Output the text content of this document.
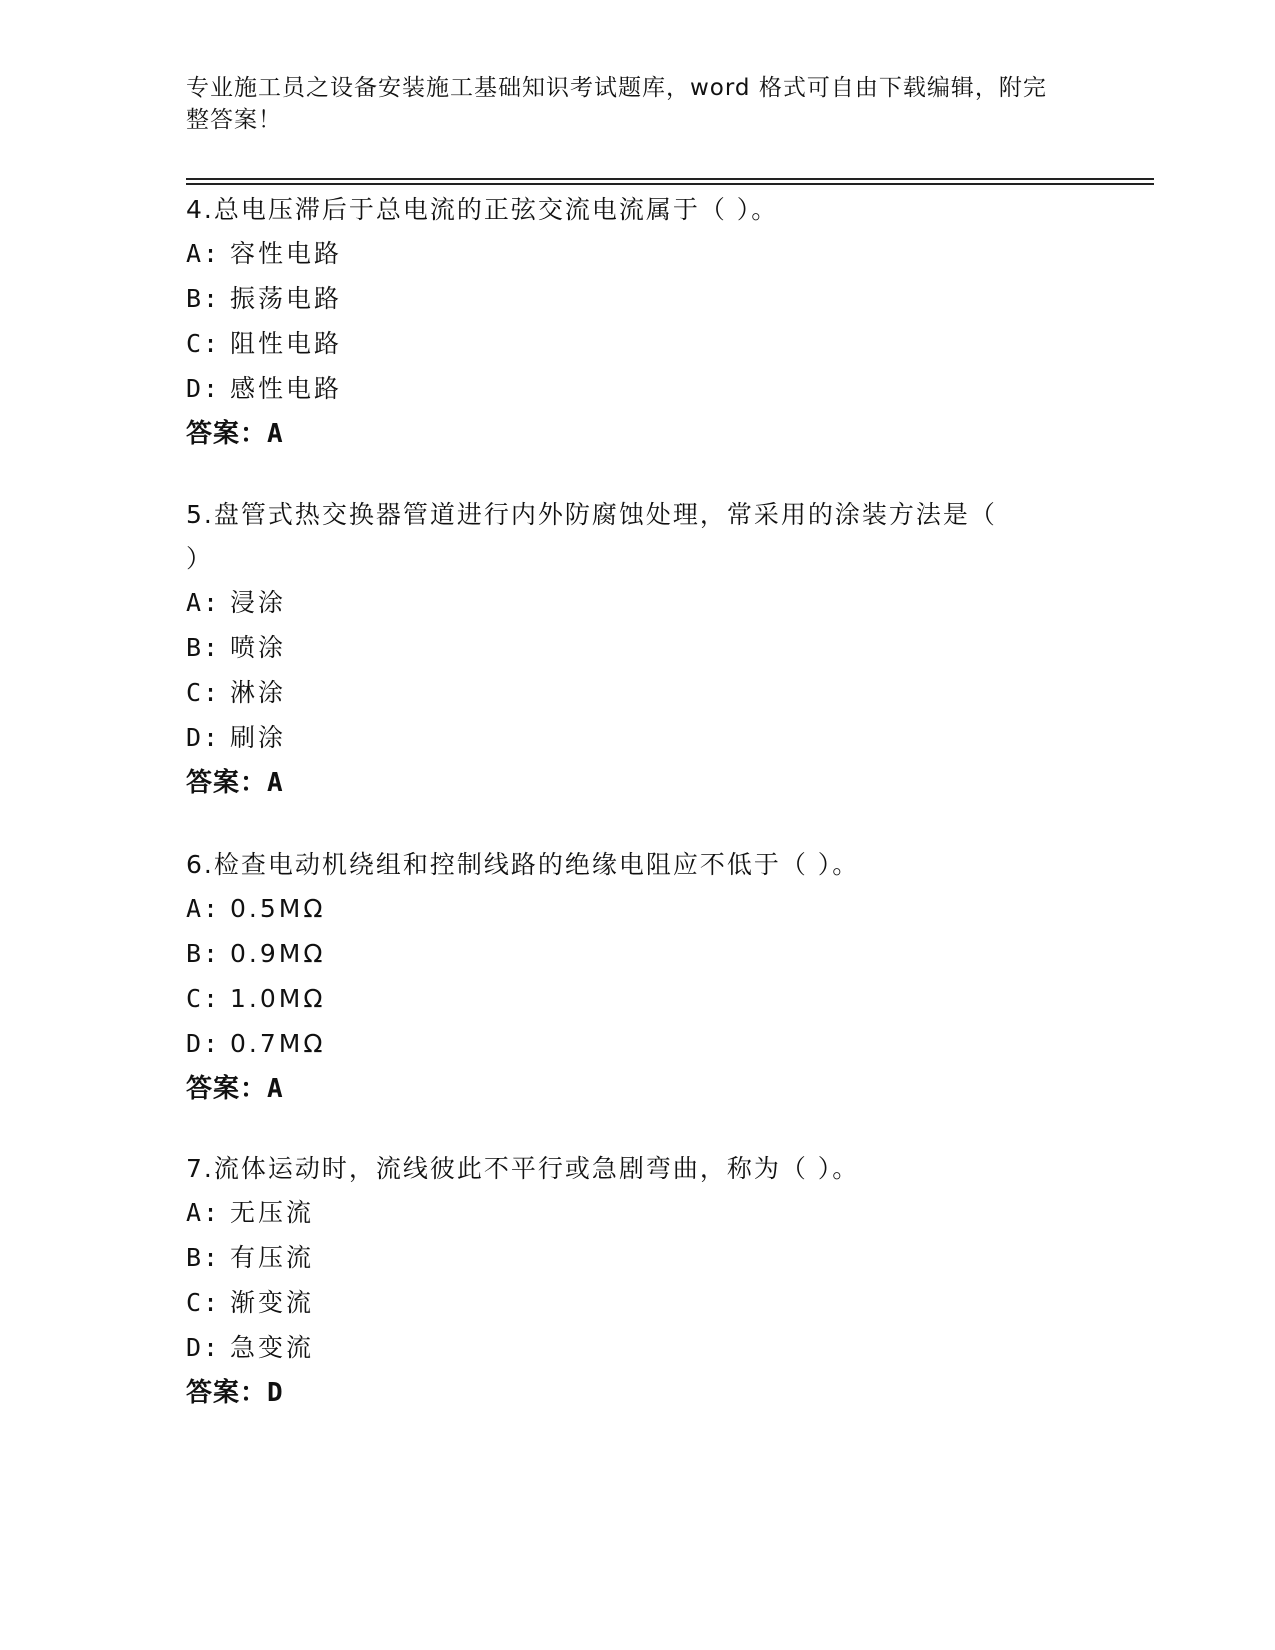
专业施工员之设备安装施工基础知识考试题库，word 格式可自由下载编辑，附完
整答案！
4.总电压滞后于总电流的正弦交流电流属于（ ）。
A: 容性电路
B: 振荡电路
C: 阻性电路
D: 感性电路
答案：A
5.盘管式热交换器管道进行内外防腐蚀处理，常采用的涂装方法是（
）
A: 浸涂
B: 喷涂
C: 淋涂
D: 刷涂
答案：A
6.检查电动机绕组和控制线路的绝缘电阻应不低于（ ）。
A: 0.5MΩ
B: 0.9MΩ
C: 1.0MΩ
D: 0.7MΩ
答案：A
7.流体运动时，流线彼此不平行或急剧弯曲，称为（ ）。
A: 无压流
B: 有压流
C: 渐变流
D: 急变流
答案：D
